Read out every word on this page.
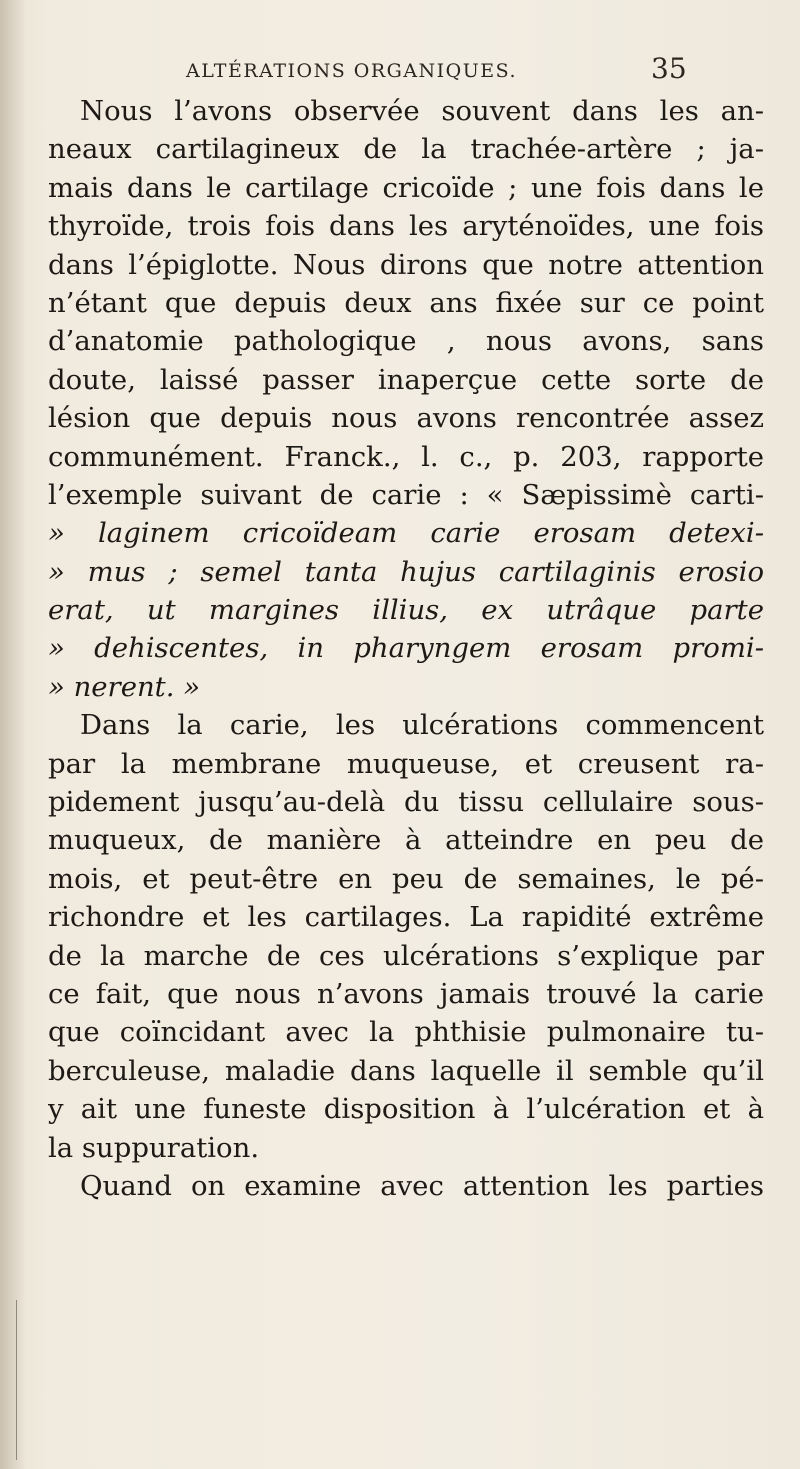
ALTÉRATIONS ORGANIQUES.	35
Nous l’avons observée souvent dans les an-
neaux cartilagineux de la trachée-artère ; ja-
mais dans le cartilage cricoïde ; une fois dans le
thyroïde, trois fois dans les aryténoïdes, une fois
dans l’épiglotte. Nous dirons que notre attention
n’étant que depuis deux ans fixée sur ce point
d’anatomie pathologique , nous avons, sans
doute, laissé passer inaperçue cette sorte de
lésion que depuis nous avons rencontrée assez
communément. Franck., l. c., p. 203, rapporte
l’exemple suivant de carie : « Sæpissimè carti-
» laginem cricoïdeam carie erosam detexi-
» mus ; semel tanta hujus cartilaginis erosio
erat, ut margines illius, ex utrâque parte
» dehiscentes, in pharyngem erosam promi-
» nerent. »
Dans la carie, les ulcérations commencent
par la membrane muqueuse, et creusent ra-
pidement jusqu’au-delà du tissu cellulaire sous-
muqueux, de manière à atteindre en peu de
mois, et peut-être en peu de semaines, le pé-
richondre et les cartilages. La rapidité extrême
de la marche de ces ulcérations s’explique par
ce fait, que nous n’avons jamais trouvé la carie
que coïncidant avec la phthisie pulmonaire tu-
berculeuse, maladie dans laquelle il semble qu’il
y ait une funeste disposition à l’ulcération et à
la suppuration.
Quand on examine avec attention les parties
